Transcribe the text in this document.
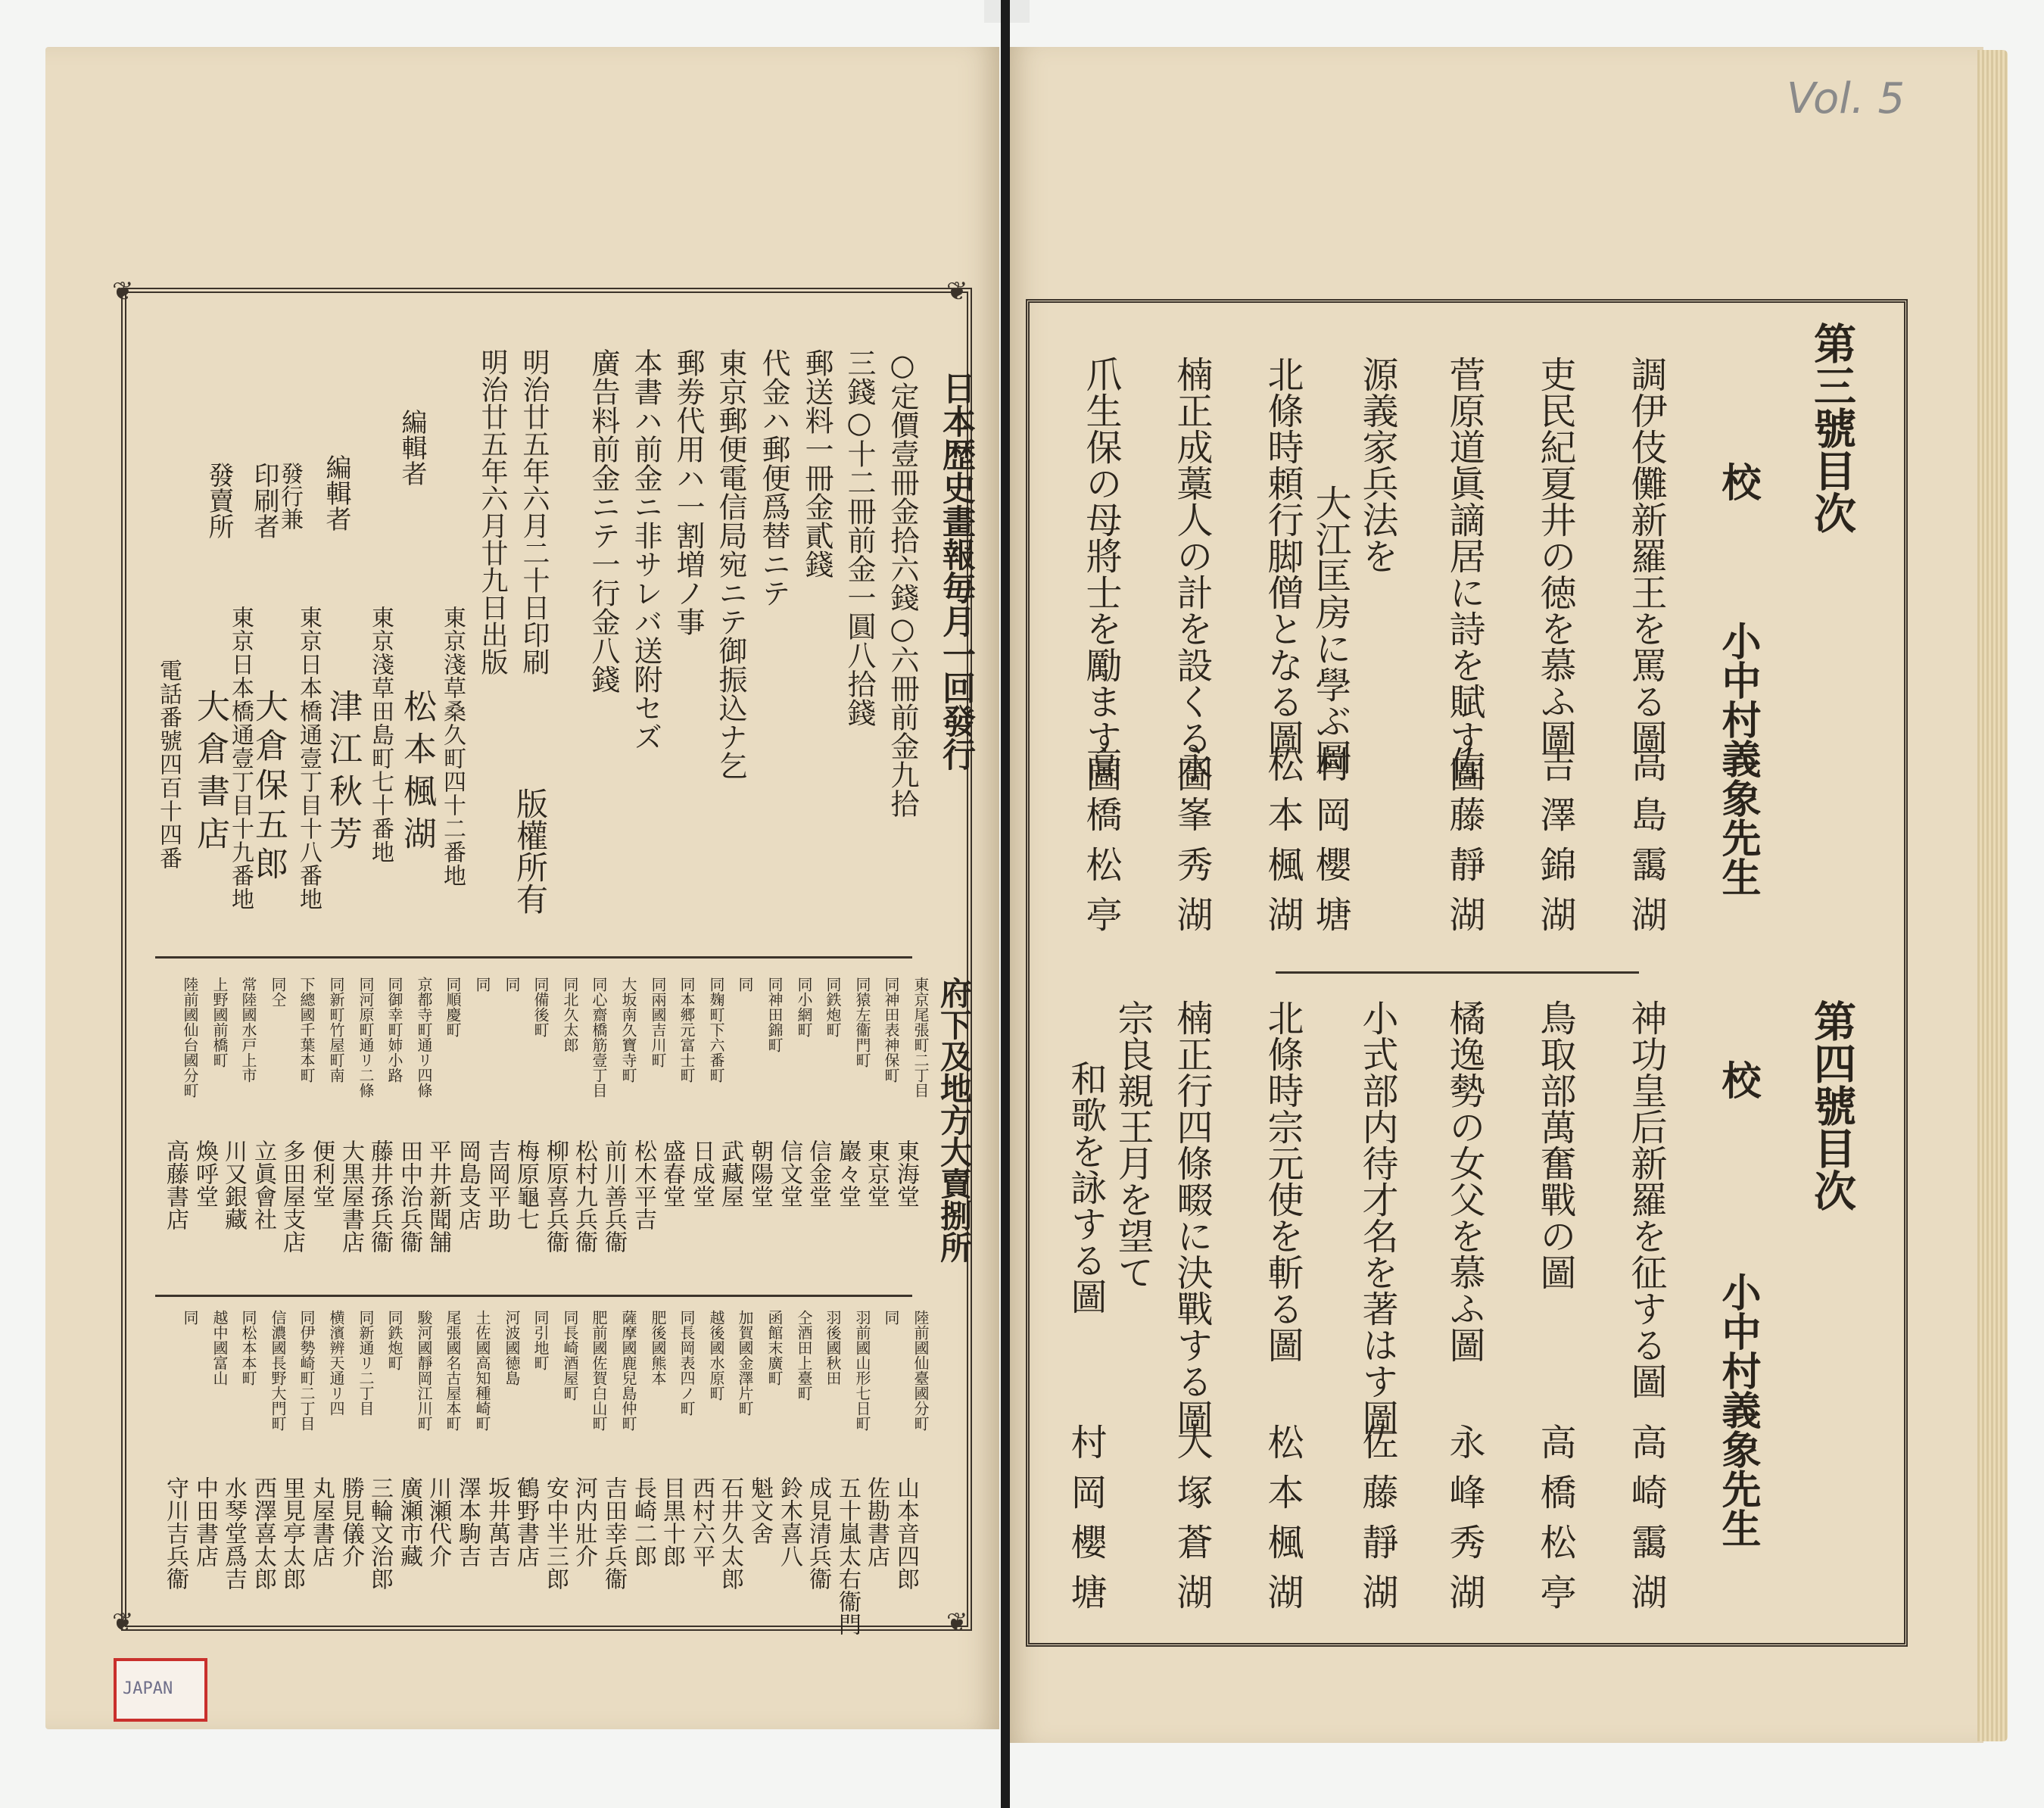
Vol. 5
第三號目次
校
小中村義象先生
調伊伎儺新羅王を罵る圖
高島靄湖
吏民紀夏井の徳を慕ふ圖
吉澤錦湖
菅原道眞謫居に詩を賦す圖
佐藤靜湖
源義家兵法を
大江匡房に學ぶ圖
村岡櫻塘
北條時頼行脚僧となる圖
松本楓湖
楠正成藁人の計を設くる圖
永峯秀湖
爪生保の母將士を勵ます圖
高橋松亭
第四號目次
校
小中村義象先生
神功皇后新羅を征する圖
高崎靄湖
鳥取部萬奮戰の圖
高橋松亭
橘逸勢の女父を慕ふ圖
永峰秀湖
小式部内待才名を著はす圖
佐藤靜湖
北條時宗元使を斬る圖
松本楓湖
楠正行四條畷に決戰する圖
大塚蒼湖
宗良親王月を望て
和歌を詠する圖
村岡櫻塘
❦	❦
❦	❦
日本歴史畫報毎月一回發行
○定價壹冊金拾六錢○六冊前金九拾
三錢○十二冊前金一圓八拾錢
郵送料一冊金貳錢
代金ハ郵便爲替ニテ
東京郵便電信局宛ニテ御振込ナ乞
郵劵代用ハ一割増ノ事
本書ハ前金ニ非サレバ送附セズ
廣告料前金ニテ一行金八錢
明治廿五年六月二十日印刷
明治廿五年六月廿九日出版
版權所有
編輯者
東京淺草桑久町四十二番地
松本楓湖
編輯者
東京淺草田島町七十番地
津江秋芳
發行兼
印刷者
東京日本橋通壹丁目十八番地
大倉保五郎
發賣所
東京日本橋通壹丁目十九番地
大倉書店
電話番號四百十四番
府下及地方大賣捌所
東京尾張町二丁目
東海堂
同神田表神保町
東京堂
同猿左衞門町
巖々堂
同鉄炮町
信金堂
同小網町
信文堂
同神田錦町
朝陽堂
同
武藏屋
同麹町下六番町
日成堂
同本郷元富士町
盛春堂
同兩國吉川町
松木平吉
大坂南久寶寺町
前川善兵衞
同心齋橋筋壹丁目
松村九兵衞
同北久太郎
柳原喜兵衞
同備後町
梅原龜七
同
吉岡平助
同
岡島支店
同順慶町
平井新聞舗
京都寺町通リ四條
田中治兵衞
同御幸町姉小路
藤井孫兵衞
同河原町通リ二條
大黒屋書店
同新町竹屋町南
便利堂
下總國千葉本町
多田屋支店
同仝
立眞會社
常陸國水戸上市
川又銀藏
上野國前橋町
煥呼堂
陸前國仙台國分町
高藤書店
陸前國仙臺國分町
山本音四郎
同
佐勘書店
羽前國山形七日町
五十嵐太右衞門
羽後國秋田
成見清兵衞
仝酒田上臺町
鈴木喜八
函館末廣町
魁文舍
加賀國金澤片町
石井久太郎
越後國水原町
西村六平
同長岡表四ノ町
目黒十郎
肥後國熊本
長崎二郎
薩摩國鹿兒島仲町
吉田幸兵衞
肥前國佐賀白山町
河内壯介
同長崎酒屋町
安中半三郎
同引地町
鶴野書店
河波國徳島
坂井萬吉
土佐國高知種崎町
澤本駒吉
尾張國名古屋本町
川瀬代介
駿河國靜岡江川町
廣瀬市藏
同鉄炮町
三輪文治郎
同新通リ二丁目
勝見儀介
横濱辨天通リ四
丸屋書店
同伊勢崎町二丁目
里見亭太郎
信濃國長野大門町
西澤喜太郎
同松本本町
水琴堂爲吉
越中國富山
中田書店
同
守川吉兵衞
JAPAN
